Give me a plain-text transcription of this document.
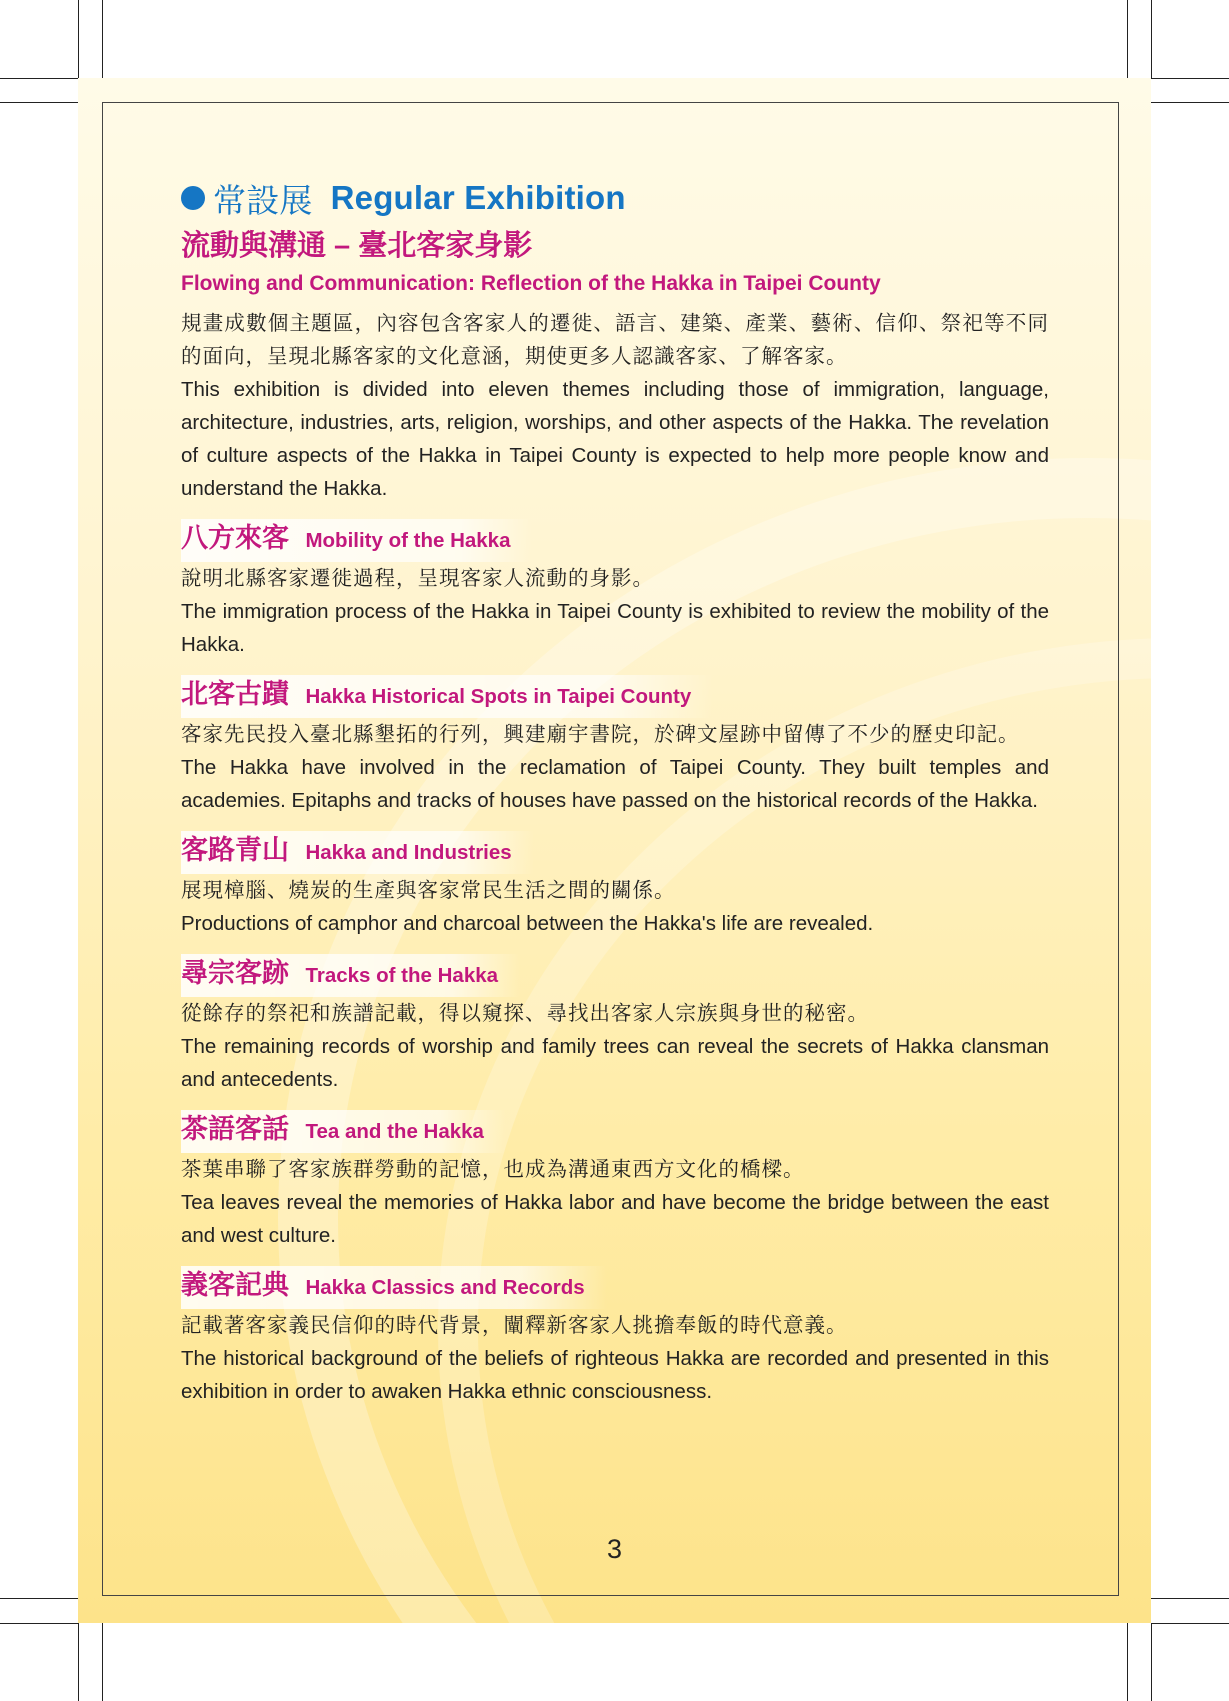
常設展 Regular Exhibition
流動與溝通 – 臺北客家身影
Flowing and Communication: Reflection of the Hakka in Taipei County

規畫成數個主題區，內容包含客家人的遷徙、語言、建築、產業、藝術、信仰、祭祀等不同的面向，呈現北縣客家的文化意涵，期使更多人認識客家、了解客家。

This exhibition is divided into eleven themes including those of immigration, language, architecture, industries, arts, religion, worships, and other aspects of the Hakka. The revelation of culture aspects of the Hakka in Taipei County is expected to help more people know and understand the Hakka.

八方來客 Mobility of the Hakka

說明北縣客家遷徙過程，呈現客家人流動的身影。

The immigration process of the Hakka in Taipei County is exhibited to review the mobility of the Hakka.

北客古蹟 Hakka Historical Spots in Taipei County

客家先民投入臺北縣墾拓的行列，興建廟宇書院，於碑文屋跡中留傳了不少的歷史印記。

The Hakka have involved in the reclamation of Taipei County. They built temples and academies. Epitaphs and tracks of houses have passed on the historical records of the Hakka.

客路青山 Hakka and Industries

展現樟腦、燒炭的生產與客家常民生活之間的關係。

Productions of camphor and charcoal between the Hakka's life are revealed.

尋宗客跡 Tracks of the Hakka

從餘存的祭祀和族譜記載，得以窺探、尋找出客家人宗族與身世的秘密。

The remaining records of worship and family trees can reveal the secrets of Hakka clansman and antecedents.

茶語客話 Tea and the Hakka

茶葉串聯了客家族群勞動的記憶，也成為溝通東西方文化的橋樑。

Tea leaves reveal the memories of Hakka labor and have become the bridge between the east and west culture.

義客記典 Hakka Classics and Records

記載著客家義民信仰的時代背景，闡釋新客家人挑擔奉飯的時代意義。

The historical background of the beliefs of righteous Hakka are recorded and presented in this exhibition in order to awaken Hakka ethnic consciousness.

3
